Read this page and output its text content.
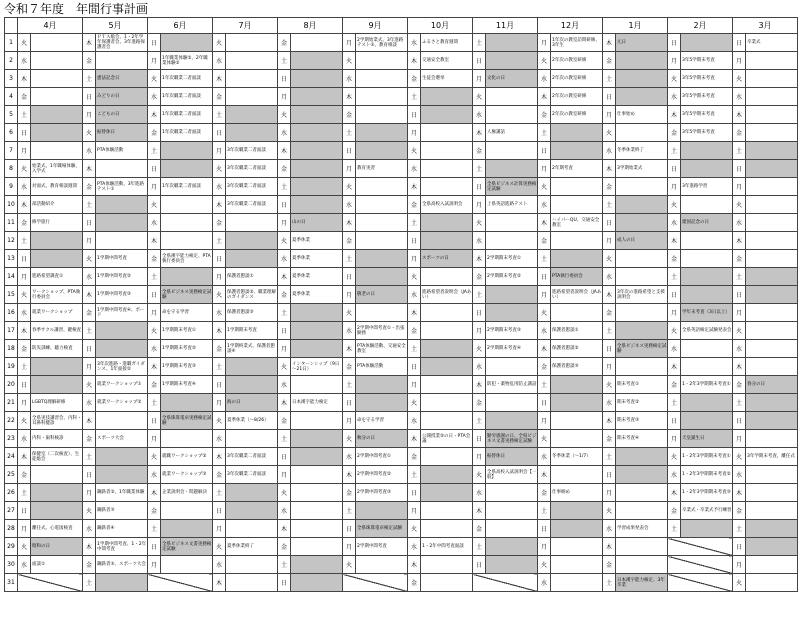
令和７年度　年間行事計画
	4月		5月		6月		7月		8月		9月		10月		11月		12月		1月		2月		3月	
1	火		木	ＰＴＡ総会、1・2年学年保護者会、3年進路保護者会	日		火		金		月	2学期始業式、3年進路テスト⑤、教育相談	水	ふるさと教育週間	土		月	1年次の教室訪問研修、3年生	木	元日	日		日	卒業式
2	水		金		月	1年職業体験②、2年職業体験②	水		土		火		木	交通安全教室	日		火	2年次の教室研修	金		月	3年5学期末考査	月	
3	木		土	憲法記念日	火	1年次職業二者面談	木		日		水		金	生徒会選挙	月	文化の日	水	2年次の教室研修	土		火	3年5学期末考査	火	
4	金		日	みどりの日	水	1年次職業二者面談	金		月		木		土		火		木	2年次の教室研修	日		水	3年5学期末考査	水	
5	土		月	こどもの日	木	1年次職業二者面談	土		火		金		日		水		金	2年次の教室研修	月	仕事始め	木	3年5学期末考査	木	
6	日		火	振替休日	金	1年次職業二者面談	日		水		土		月		木	人権講話	土		火		金	3年5学期末考査	金	
7	月		水	PTA体験活動	土		月	3年次職業二者面談	木		日		火		金		日		水	冬季休業終了	土		土	
8	火	始業式、1年職場体験、入学式	木		日		火	3年次職業二者面談	金		月	教育実習	水		土		月	2年期考査	木	3学期始業式	日		日	
9	水	対面式、教育相談週間	金	PTA体験活動、3年進路テスト①	月	1年次職業二者面談	水	3年次職業二者面談	土		火		木		日	全県ビジネス計算実務検定試験	火		金		月	3年進路学習	月	
10	木	部活動紹介	土		火		木	3年次職業二者面談	日		水		金	全県高校入試説明会	月	上県英語進路テスト	水		土		火		火	
11	金	修学旅行	日		水		金		月	山の日	木		土		火		木	ハイパーQU、交通安全教室	日		水	建国記念の日	水	
12	土		月		木		土		火	夏季休業	金		日		水		金		月	成人の日	木		木	
13	日		火	1学期中間考査	金	全県漢字能力検定、PTA執行委員会	日		水	夏季休業	土		月	スポーツの日	木	2学期期末考査①	土		火		金		金	
14	月	進路希望調査①	水	1学期中間考査②	土		月	保護者懇談①	木	夏季休業	日		火		金	2学期期末考査②	日	PTA執行委員会	水		土		土	
15	火	ワークショップ、PTA執行委員会	木	1学期中間考査③	日	全県ビジネス実務検定試験	火	保護者懇談②、職業理解のガイダンス	金	夏季休業	月	敬老の日	水	進路希望者説明会（JAあい）	土		月	進路希望者説明会（JAあい）	木	3年次の進路希望と支援説明会	日		日	
16	水	就業ワークショップ	金	1学期中間考査④、ボード	月	命を守る学習	水	保護者懇談③	土		火		木		日		火		金		月	学年末考査（3日以上）	月	
17	木	春季サクル講習、鍵検査	土		火	1学期期末考査①	木	1学期期末考査	日		水	2学期中間考査①・出張勤務	金		月	2学期期末考査③	水	保護者懇談①	土		火	全県英語検定試験発表会	火	
18	金	防災訓練、聴力検査	日		水	1学期期末考査②	金	1学期終業式、保護者懇談④	月		木	PTA体験活動、交通安全教室	土		火	2学期期末考査④	木	保護者懇談②	日	全県ビジネス実務検定試験	水		水	
19	土		月	3年次進路・進職ガイダンス、1年面接②	木	1学期期末考査③	土		火	インターンシップ（9日～21日）	金	PTA体験活動	日		水		金	保護者懇談③	月		木		木	
20	日		火	就業ワークショップ①	金	1学期期末考査④	日		水		土		月		木	防犯・薬物乱用防止講話	土		火	期末考査①	金	1・2年3学期期末考査①	金	春分の日
21	月	LGBTQ理解研修	水	就業ワークショップ②	土		月	海の日	木	日本漢字能力検定	日		火		金		日		水	期末考査②	土		土	
22	火	全県実技講習会、内科・耳鼻科健診	木		日	全県珠算電卓実務検定試験	火	夏季休業（～8/26）	金		月	命を守る学習	水		土		月		木	期末考査③	日		日	
23	水	内科・歯科検診	金	スポーツ大会	月		水		土		火	秋分の日	木	公開授業②の日・PTA会議	日	勤労感謝の日、全県ビジネス文書実務検定試験	火		金	期末考査④	月	天皇誕生日	月	
24	木	保健室（二次検査）、生徒総会	土		火	就職ワークショップ②	木	3年次職業二者面談	日		水	2学期中間考査①	金		月	振替休日	水	冬季休業（～1/7）	土		火	1・2年3学期期末考査①	火	3年学期末考査、離任式
25	金		日		水	就業ワークショップ③	金	3年次職業二者面談	月		木	2学期中間考査②	土		火	全県高校入試説明会【一般】	木		日		水	1・2年3学期期末考査②	水	
26	土		月	鋼鉄者②、1年職業体験	木	企業説明会・問題解決	土		火		金	2学期中間考査③	日		水		金	仕事納め	月		木	1・2年3学期期末考査③	木	
27	日		火	鋼鉄者③	金		日		水		土		月		木		土		火		金	卒業式・卒業式予行練習	金	
28	月	離任式、心電図検査	水	鋼鉄者④	土		月		木		日	全県珠算電卓検定試験	火		金		日		水	学習成果発表会	土		土	
29	火	昭和の日	木	1学期中間考査、1・2年中間考査	日	全県ビジネス文書実務検定試験	火	夏季休業終了	金		月	2学期中間考査	水	1・2年中間考査面談	土		月		木				日	
30	水	面談①	金	鋼鉄者⑤、スポーツ大会	月		水		土		火		木		日		火		金				月	
31			土				木		日				金				水		土	日本漢字能力検定、3年卒業			火	
